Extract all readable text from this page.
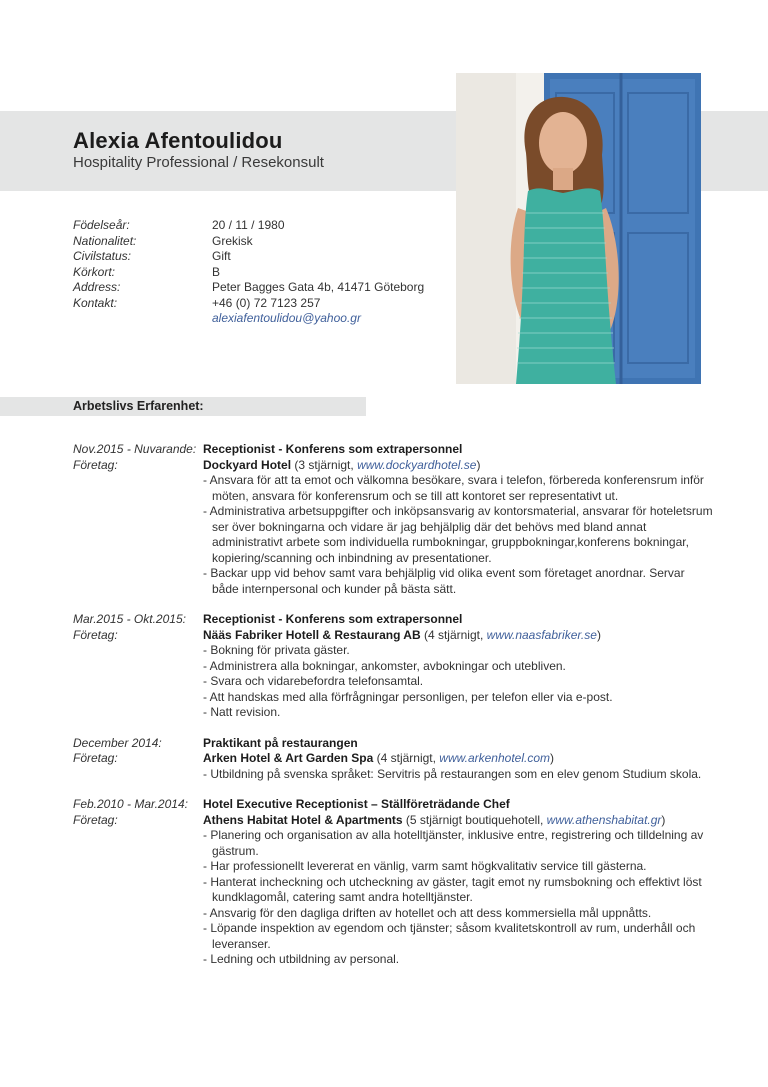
Alexia Afentoulidou
Hospitality Professional / Resekonsult
Födelseår:	20 / 11 / 1980
Nationalitet:	Grekisk
Civilstatus:	Gift
Körkort:	B
Address:	Peter Bagges Gata 4b, 41471 Göteborg
Kontakt:	+46 (0) 72 7123 257
alexiafentoulidou@yahoo.gr
Arbetslivs Erfarenhet:
Nov.2015 - Nuvarande: Receptionist - Konferens som extrapersonnel
Företag:	Dockyard Hotel (3 stjärnigt, www.dockyardhotel.se)
- Ansvara för att ta emot och välkomna besökare, svara i telefon, förbereda konferensrum inför möten, ansvara för konferensrum och se till att kontoret ser representativt ut.
- Administrativa arbetsuppgifter och inköpsansvarig av kontorsmaterial, ansvarar för hoteletsrum ser över bokningarna och vidare är jag behjälplig där det behövs med bland annat administrativt arbete som individuella rumbokningar, gruppbokningar,konferens bokningar, kopiering/scanning och inbindning av presentationer.
- Backar upp vid behov samt vara behjälplig vid olika event som företaget anordnar. Servar både internpersonal och kunder på bästa sätt.
Mar.2015 - Okt.2015: Receptionist - Konferens som extrapersonnel
Företag:	Nääs Fabriker Hotell & Restaurang AB (4 stjärnigt, www.naasfabriker.se)
- Bokning för privata gäster.
- Administrera alla bokningar, ankomster, avbokningar och utebliven.
- Svara och vidarebefordra telefonsamtal.
- Att handskas med alla förfrågningar personligen, per telefon eller via e-post.
- Natt revision.
December 2014:	Praktikant på restaurangen
Företag:	Arken Hotel & Art Garden Spa (4 stjärnigt, www.arkenhotel.com)
- Utbildning på svenska språket: Servitris på restaurangen som en elev genom Studium skola.
Feb.2010 - Mar.2014: Hotel Executive Receptionist – Ställföreträdande Chef
Företag:	Athens Habitat Hotel & Apartments (5 stjärnigt boutiquehotell, www.athenshabitat.gr)
- Planering och organisation av alla hotelltjänster, inklusive entre, registrering och tilldelning av gästrum.
- Har professionellt levererat en vänlig, varm samt högkvalitativ service till gästerna.
- Hanterat incheckning och utcheckning av gäster, tagit emot ny rumsbokning och effektivt löst kundklagomål, catering samt andra hotelltjänster.
- Ansvarig för den dagliga driften av hotellet och att dess kommersiella mål uppnåtts.
- Löpande inspektion av egendom och tjänster; såsom kvalitetskontroll av rum, underhåll och leveranser.
- Ledning och utbildning av personal.
